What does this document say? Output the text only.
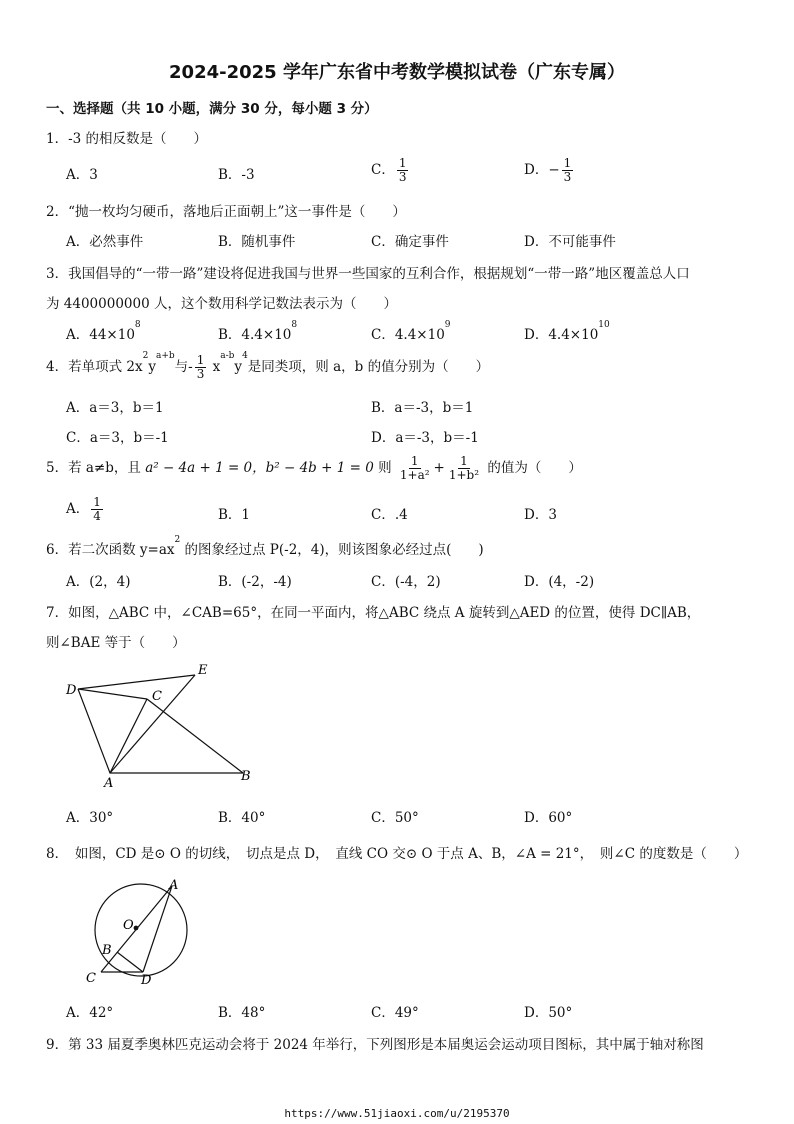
2024-2025 学年广东省中考数学模拟试卷（广东专属）
一、选择题（共 10 小题，满分 30 分，每小题 3 分）
1．-3 的相反数是（　　）
A．3	B．-3	C． $\frac{1}{3}$	D．− $\frac{1}{3}$
2．“抛一枚均匀硬币，落地后正面朝上”这一事件是（　　）
A．必然事件	B．随机事件	C．确定事件	D．不可能事件
3．我国倡导的“一带一路”建设将促进我国与世界一些国家的互利合作，根据规划“一带一路”地区覆盖总人口
为 4400000000 人，这个数用科学记数法表示为（　　）
A．$44\times 10^8$
B．$4.4\times 10^8$
C．$4.4\times 10^9$
D．$4.4\times 10^{10}$
4．若单项式 $2x^2y^{a+b}$与- $\frac{1}{3} x^{a-b}y^4$是同类项，则 a，b 的值分别为（　　）
A．a＝3，b＝1	B．a＝-3，b＝1
C．a＝3，b＝-1	D．a＝-3，b＝-1
5．若 a≠b，且 a² − 4a + 1 = 0，b² − 4b + 1 = 0 则 $\frac{1}{\text{1+a²}} + \frac{1}{\text{1+b²}}$ 的值为（　　）
A． $\frac{1}{4}$	B．1	C．.4	D．3
6．若二次函数 $y=ax^2$ 的图象经过点 P(-2，4)，则该图象必经过点(　　)
A．(2，4)	B．(-2，-4)	C．(-4，2)	D．(4，-2)
7．如图，△ABC 中，∠CAB=65°，在同一平面内，将△ABC 绕点 A 旋转到△AED 的位置，使得 DC∥AB，
则∠BAE 等于（　　）
D	C
E
A	B
A．30°	B．40°	C．50°	D．60°
8．　如图，CD 是⊙ O 的切线，　切点是点 D，　直线 CO 交⊙ O 于点 A、B，∠A = 21°，　则∠C 的度数是（　　）
A
O
B
C	D
A．42°	B．48°	C．49°	D．50°
9．第 33 届夏季奥林匹克运动会将于 2024 年举行，下列图形是本届奥运会运动项目图标，其中属于轴对称图
https://www.51jiaoxi.com/u/2195370
